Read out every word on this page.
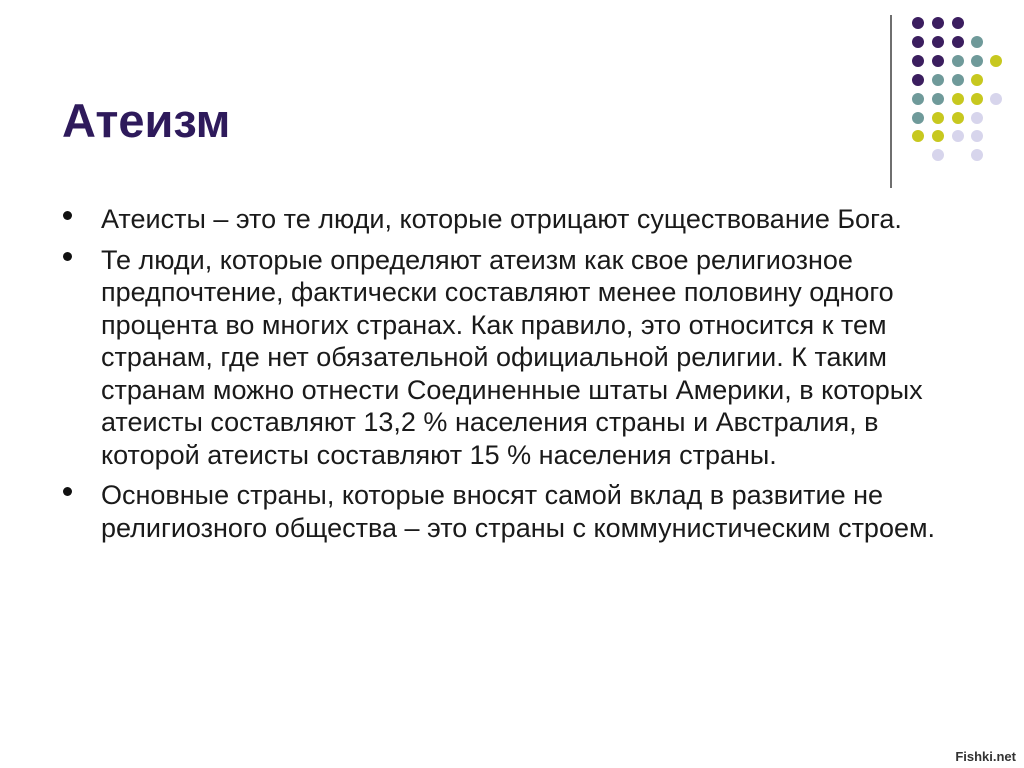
Атеизм
Атеисты – это те люди, которые отрицают существование Бога.
Те люди, которые определяют атеизм как свое религиозное предпочтение, фактически составляют менее половину одного процента во многих странах. Как правило, это относится к тем странам, где нет обязательной официальной религии. К таким странам можно отнести Соединенные штаты Америки, в которых атеисты составляют 13,2 % населения страны и Австралия, в которой атеисты составляют 15 % населения страны.
Основные страны, которые вносят самой вклад в развитие не религиозного общества – это страны с коммунистическим строем.
Fishki.net
